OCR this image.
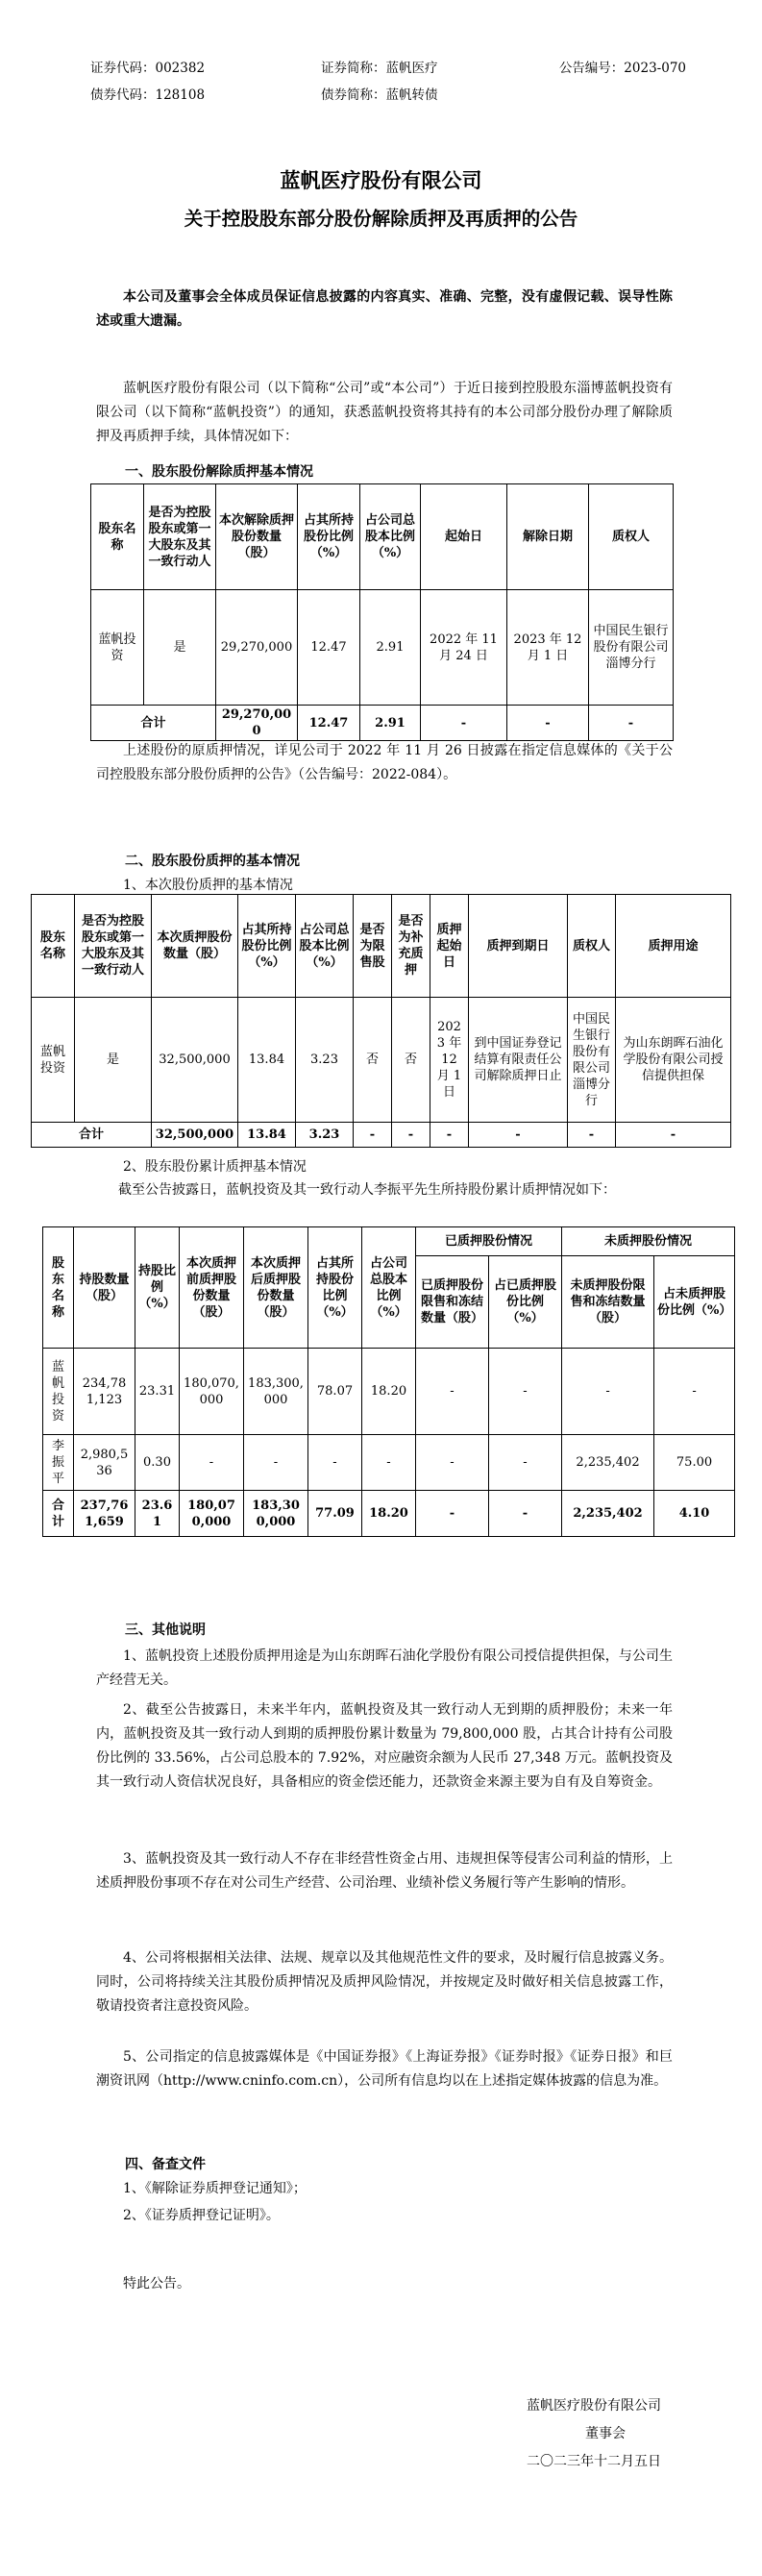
证券代码：002382	证券简称：蓝帆医疗	公告编号：2023-070
债券代码：128108	债券简称：蓝帆转债
蓝帆医疗股份有限公司
关于控股股东部分股份解除质押及再质押的公告
本公司及董事会全体成员保证信息披露的内容真实、准确、完整，没有虚假记载、误导性陈述或重大遗漏。
蓝帆医疗股份有限公司（以下简称“公司”或“本公司”）于近日接到控股股东淄博蓝帆投资有限公司（以下简称“蓝帆投资”）的通知，获悉蓝帆投资将其持有的本公司部分股份办理了解除质押及再质押手续，具体情况如下：
一、股东股份解除质押基本情况
股东名称	是否为控股股东或第一大股东及其一致行动人	本次解除质押股份数量（股）	占其所持股份比例（%）	占公司总股本比例（%）	起始日	解除日期	质权人
蓝帆投资	是	29,270,000	12.47	2.91	2022 年 11 月 24 日	2023 年 12 月 1 日	中国民生银行股份有限公司淄博分行
合计		29,270,000	12.47	2.91	-	-	-
上述股份的原质押情况，详见公司于 2022 年 11 月 26 日披露在指定信息媒体的《关于公司控股股东部分股份质押的公告》（公告编号：2022-084）。
二、股东股份质押的基本情况
1、本次股份质押的基本情况
股东名称	是否为控股股东或第一大股东及其一致行动人	本次质押股份数量（股）	占其所持股份比例（%）	占公司总股本比例（%）	是否为限售股	是否为补充质押	质押起始日	质押到期日	质权人	质押用途
蓝帆投资	是	32,500,000	13.84	3.23	否	否	2023 年 12 月 1 日	到中国证券登记结算有限责任公司解除质押日止	中国民生银行股份有限公司淄博分行	为山东朗晖石油化学股份有限公司授信提供担保
合计		32,500,000	13.84	3.23	-	-	-	-	-	-
2、股东股份累计质押基本情况
截至公告披露日，蓝帆投资及其一致行动人李振平先生所持股份累计质押情况如下：
股东名称	持股数量（股）	持股比例（%）	本次质押前质押股份数量（股）	本次质押后质押股份数量（股）	占其所持股份比例（%）	占公司总股本比例（%）	已质押股份情况		未质押股份情况	
							已质押股份限售和冻结数量（股）	占已质押股份比例（%）	未质押股份限售和冻结数量（股）	占未质押股份比例（%）
蓝帆投资	234,781,123	23.31	180,070,000	183,300,000	78.07	18.20	-	-	-	-
李振平	2,980,536	0.30	-	-	-	-	-	-	2,235,402	75.00
合计	237,761,659	23.61	180,070,000	183,300,000	77.09	18.20	-	-	2,235,402	4.10
三、其他说明
1、蓝帆投资上述股份质押用途是为山东朗晖石油化学股份有限公司授信提供担保，与公司生产经营无关。
2、截至公告披露日，未来半年内，蓝帆投资及其一致行动人无到期的质押股份；未来一年内，蓝帆投资及其一致行动人到期的质押股份累计数量为 79,800,000 股，占其合计持有公司股份比例的 33.56%，占公司总股本的 7.92%，对应融资余额为人民币 27,348 万元。蓝帆投资及其一致行动人资信状况良好，具备相应的资金偿还能力，还款资金来源主要为自有及自筹资金。
3、蓝帆投资及其一致行动人不存在非经营性资金占用、违规担保等侵害公司利益的情形，上述质押股份事项不存在对公司生产经营、公司治理、业绩补偿义务履行等产生影响的情形。
4、公司将根据相关法律、法规、规章以及其他规范性文件的要求，及时履行信息披露义务。同时，公司将持续关注其股份质押情况及质押风险情况，并按规定及时做好相关信息披露工作，敬请投资者注意投资风险。
5、公司指定的信息披露媒体是《中国证券报》《上海证券报》《证券时报》《证券日报》和巨潮资讯网（http://www.cninfo.com.cn），公司所有信息均以在上述指定媒体披露的信息为准。
四、备查文件
1、《解除证券质押登记通知》；
2、《证券质押登记证明》。
特此公告。
蓝帆医疗股份有限公司
董事会
二〇二三年十二月五日
